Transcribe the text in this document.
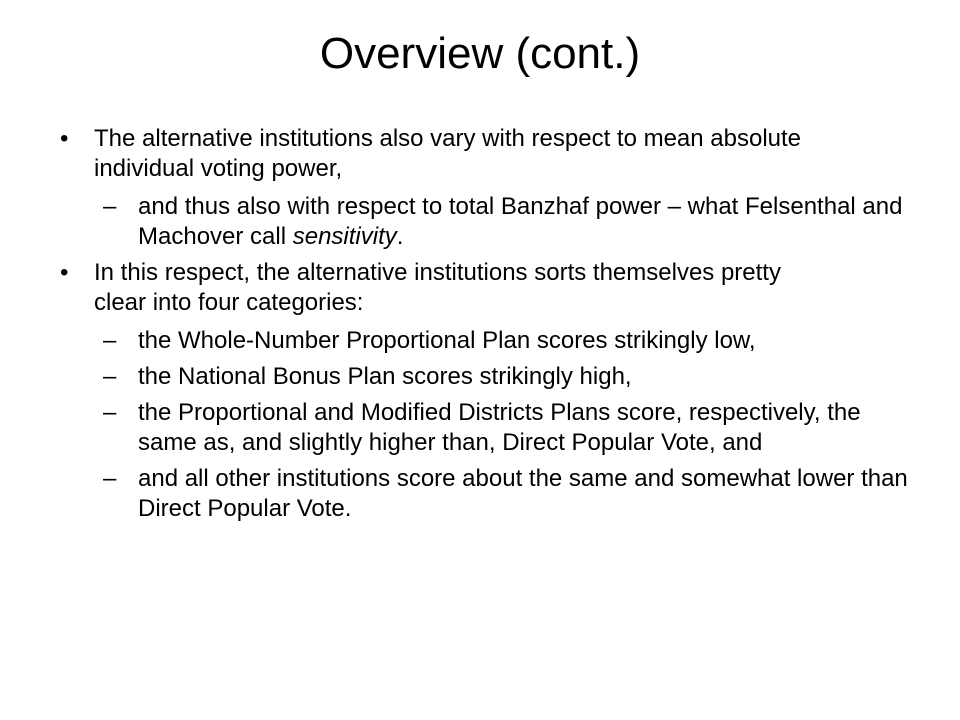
Overview (cont.)
• The alternative institutions also vary with respect to mean absolute individual voting power,
– and thus also with respect to total Banzhaf power – what Felsenthal and Machover call sensitivity.
• In this respect, the alternative institutions sorts themselves pretty clear into four categories:
– the Whole-Number Proportional Plan scores strikingly low,
– the National Bonus Plan scores strikingly high,
– the Proportional and Modified Districts Plans score, respectively, the same as, and slightly higher than, Direct Popular Vote, and
– and all other institutions score about the same and somewhat lower than Direct Popular Vote.
